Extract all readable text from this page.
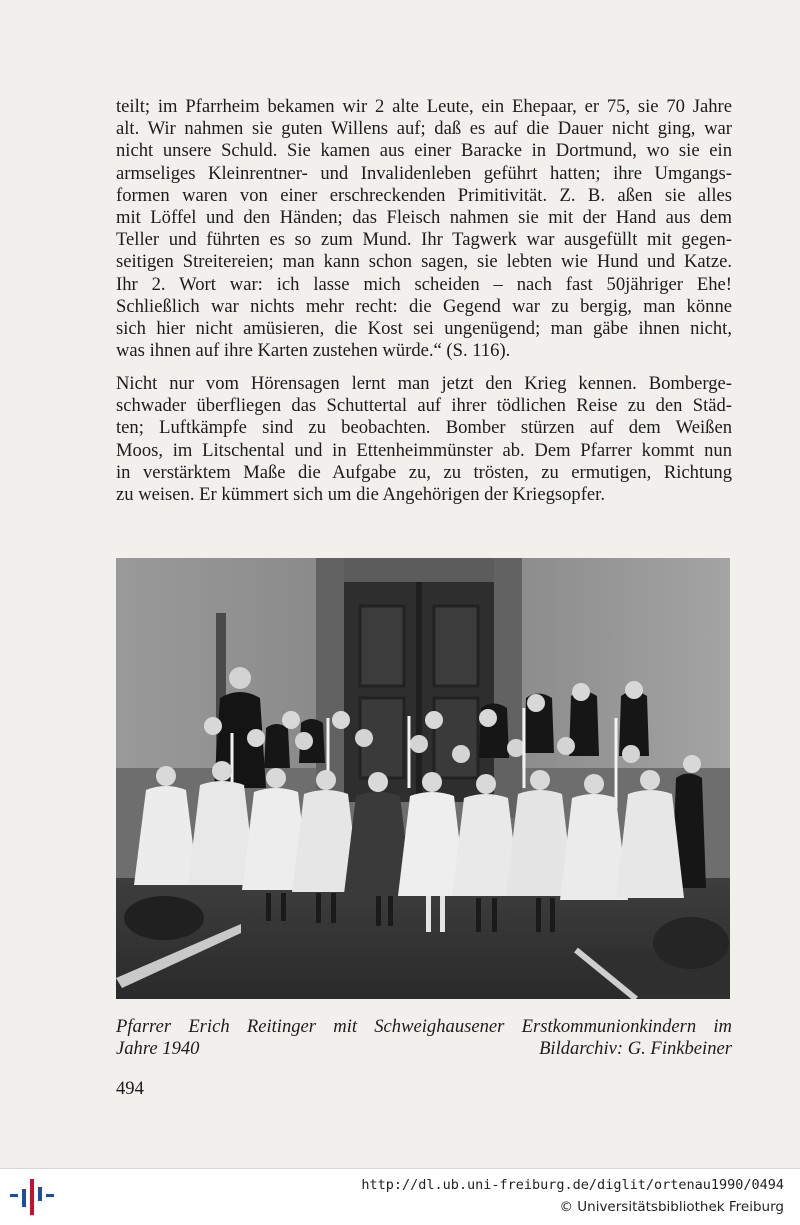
teilt; im Pfarrheim bekamen wir 2 alte Leute, ein Ehepaar, er 75, sie 70 Jahre
alt. Wir nahmen sie guten Willens auf; daß es auf die Dauer nicht ging, war
nicht unsere Schuld. Sie kamen aus einer Baracke in Dortmund, wo sie ein
armseliges Kleinrentner- und Invalidenleben geführt hatten; ihre Umgangs-
formen waren von einer erschreckenden Primitivität. Z. B. aßen sie alles
mit Löffel und den Händen; das Fleisch nahmen sie mit der Hand aus dem
Teller und führten es so zum Mund. Ihr Tagwerk war ausgefüllt mit gegen-
seitigen Streitereien; man kann schon sagen, sie lebten wie Hund und Katze.
Ihr 2. Wort war: ich lasse mich scheiden – nach fast 50jähriger Ehe!
Schließlich war nichts mehr recht: die Gegend war zu bergig, man könne
sich hier nicht amüsieren, die Kost sei ungenügend; man gäbe ihnen nicht,
was ihnen auf ihre Karten zustehen würde.“ (S. 116).

Nicht nur vom Hörensagen lernt man jetzt den Krieg kennen. Bomberge-
schwader überfliegen das Schuttertal auf ihrer tödlichen Reise zu den Städ-
ten; Luftkämpfe sind zu beobachten. Bomber stürzen auf dem Weißen
Moos, im Litschental und in Ettenheimmünster ab. Dem Pfarrer kommt nun
in verstärktem Maße die Aufgabe zu, zu trösten, zu ermutigen, Richtung
zu weisen. Er kümmert sich um die Angehörigen der Kriegsopfer.

Pfarrer Erich Reitinger mit Schweighausener Erstkommunionkindern im
Jahre 1940	Bildarchiv: G. Finkbeiner
494
http://dl.ub.uni-freiburg.de/diglit/ortenau1990/0494
© Universitätsbibliothek Freiburg
